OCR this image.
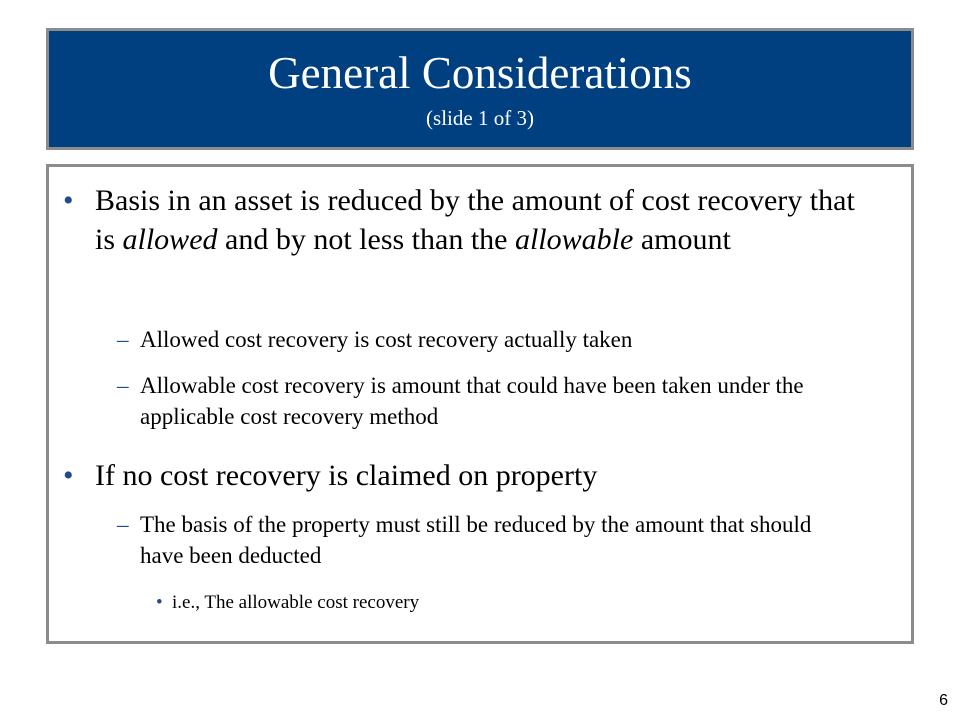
General Considerations
(slide 1 of 3)
• Basis in an asset is reduced by the amount of cost recovery that is allowed and by not less than the allowable amount
– Allowed cost recovery is cost recovery actually taken
– Allowable cost recovery is amount that could have been taken under the applicable cost recovery method
• If no cost recovery is claimed on property
– The basis of the property must still be reduced by the amount that should have been deducted
• i.e., The allowable cost recovery
6
